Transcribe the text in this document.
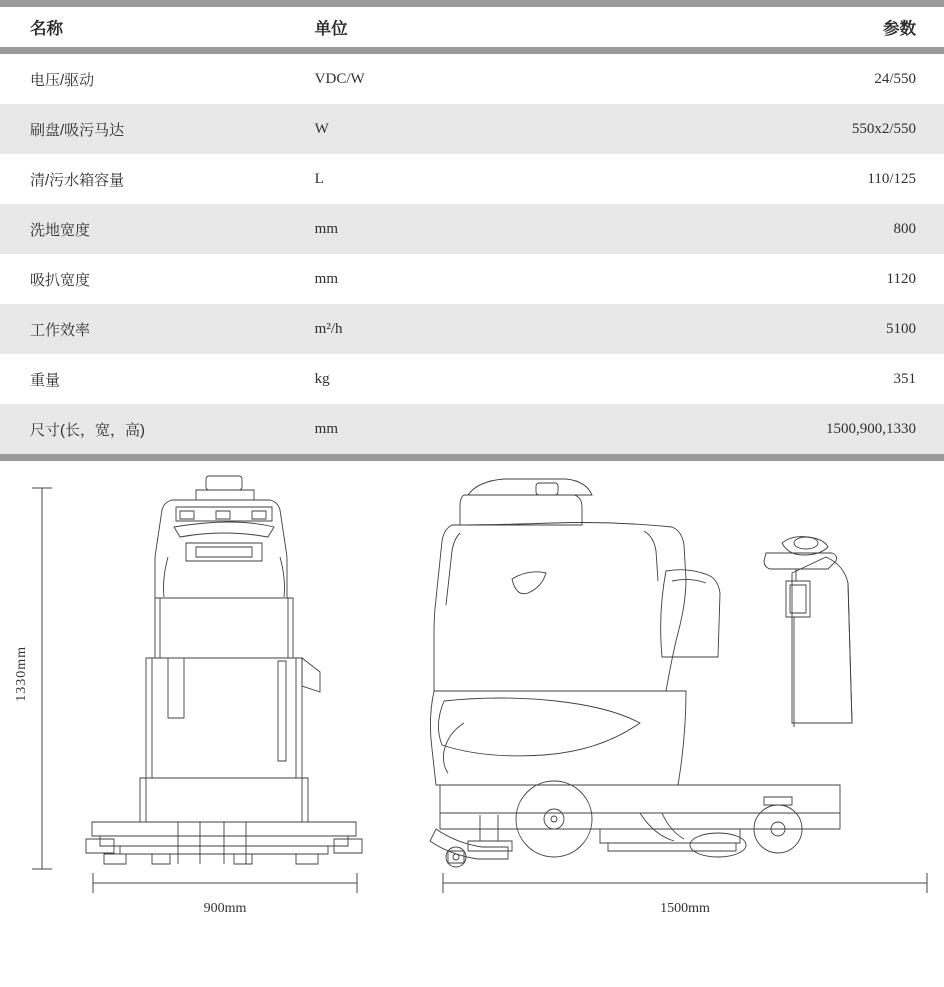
名称	单位	参数

电压/驱动	VDC/W	24/550
刷盘/吸污马达	W	550x2/550
清/污水箱容量	L	110/125
洗地宽度	mm	800
吸扒宽度	mm	1120
工作效率	m²/h	5100
重量	kg	351
尺寸(长，宽，高)	mm	1500,900,1330

1330mm
900mm	1500mm
